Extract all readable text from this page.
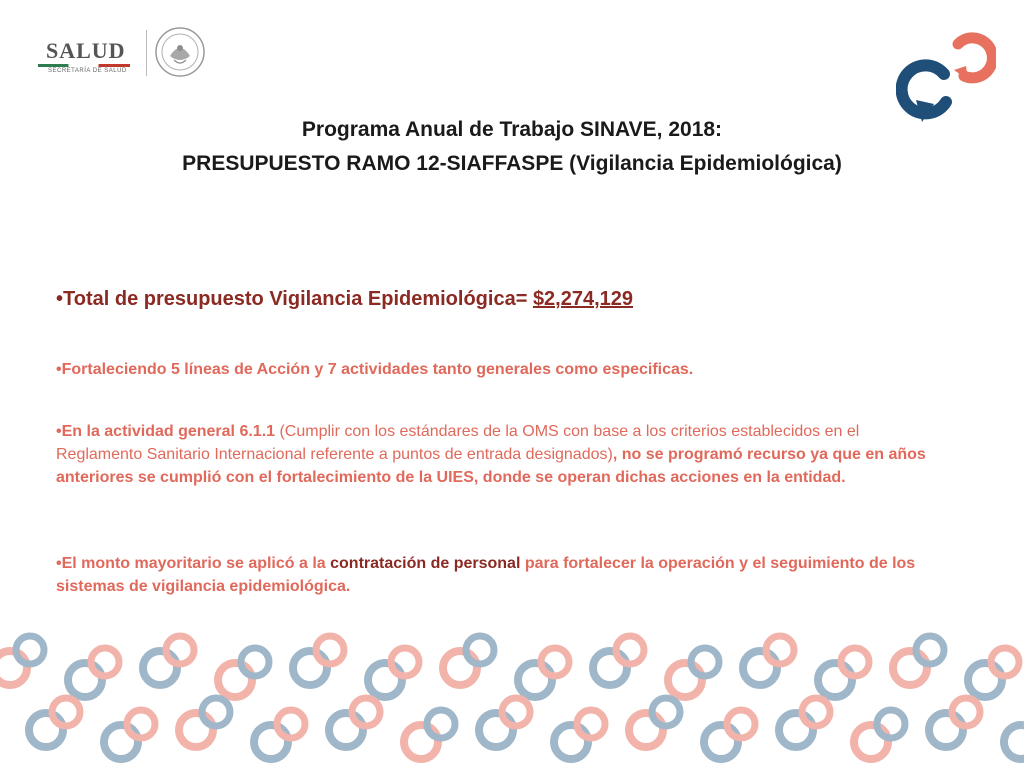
SALUD
SECRETARÍA DE SALUD
Programa Anual de Trabajo SINAVE, 2018:
PRESUPUESTO RAMO 12-SIAFFASPE (Vigilancia Epidemiológica)

•Total de presupuesto Vigilancia Epidemiológica= $2,274,129

•Fortaleciendo 5 líneas de Acción y 7 actividades tanto generales como especificas.

•En la actividad general 6.1.1 (Cumplir con los estándares de la OMS con base a los criterios establecidos en el Reglamento Sanitario Internacional referente a puntos de entrada designados), no se programó recurso ya que en años anteriores se cumplió con el fortalecimiento de la UIES, donde se operan dichas acciones en la entidad.

•El monto mayoritario se aplicó a la contratación de personal para fortalecer la operación y el seguimiento de los sistemas de vigilancia epidemiológica.
